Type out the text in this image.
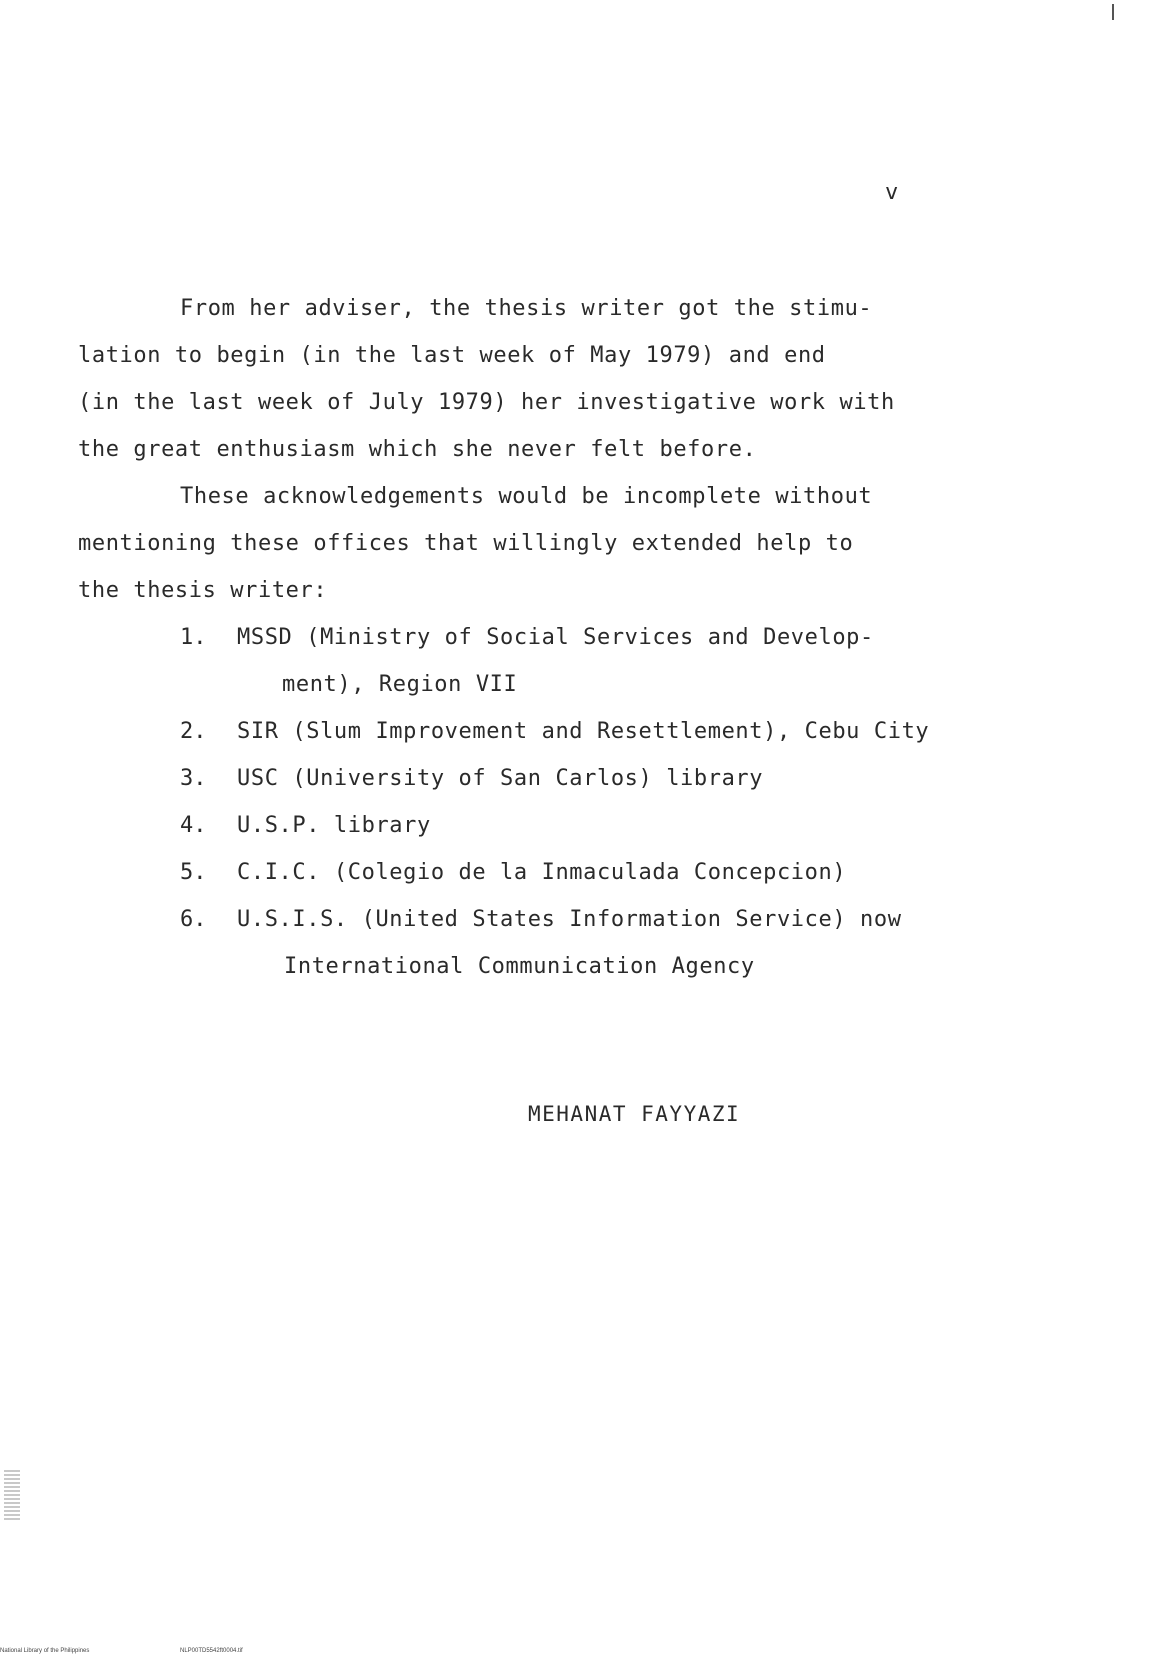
v
From her adviser, the thesis writer got the stimu-
lation to begin (in the last week of May 1979) and end
(in the last week of July 1979) her investigative work with
the great enthusiasm which she never felt before.
These acknowledgements would be incomplete without
mentioning these offices that willingly extended help to
the thesis writer:
1. MSSD (Ministry of Social Services and Develop-
ment), Region VII
2. SIR (Slum Improvement and Resettlement), Cebu City
3. USC (University of San Carlos) library
4. U.S.P. library
5. C.I.C. (Colegio de la Inmaculada Concepcion)
6. U.S.I.S. (United States Information Service) now
International Communication Agency
MEHANAT FAYYAZI
National Library of the Philippines	NLP00TD5542ft0004.tif
